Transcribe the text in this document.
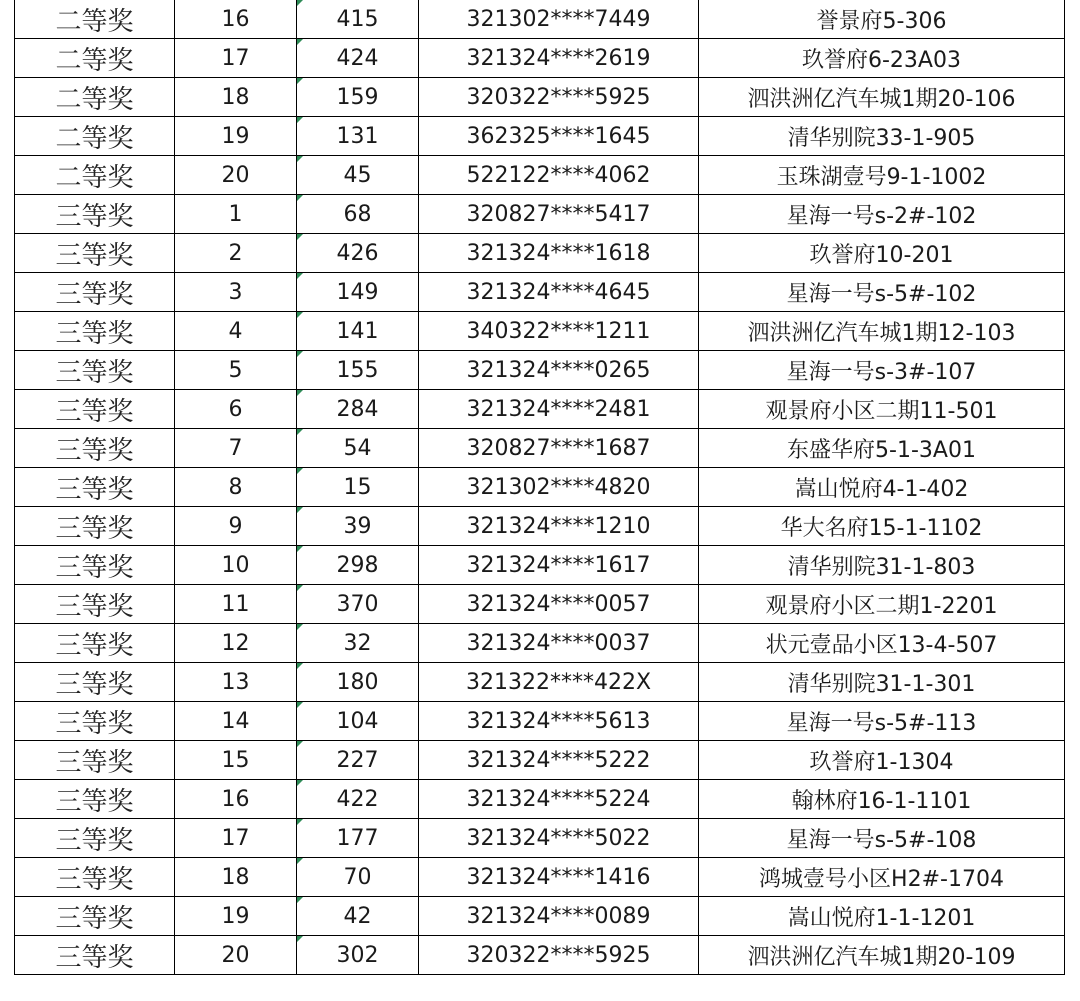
二等奖	16	415	321302****7449	誉景府5-306
二等奖	17	424	321324****2619	玖誉府6-23A03
二等奖	18	159	320322****5925	泗洪洲亿汽车城1期20-106
二等奖	19	131	362325****1645	清华别院33-1-905
二等奖	20	45	522122****4062	玉珠湖壹号9-1-1002
三等奖	1	68	320827****5417	星海一号s-2#-102
三等奖	2	426	321324****1618	玖誉府10-201
三等奖	3	149	321324****4645	星海一号s-5#-102
三等奖	4	141	340322****1211	泗洪洲亿汽车城1期12-103
三等奖	5	155	321324****0265	星海一号s-3#-107
三等奖	6	284	321324****2481	观景府小区二期11-501
三等奖	7	54	320827****1687	东盛华府5-1-3A01
三等奖	8	15	321302****4820	嵩山悦府4-1-402
三等奖	9	39	321324****1210	华大名府15-1-1102
三等奖	10	298	321324****1617	清华别院31-1-803
三等奖	11	370	321324****0057	观景府小区二期1-2201
三等奖	12	32	321324****0037	状元壹品小区13-4-507
三等奖	13	180	321322****422X	清华别院31-1-301
三等奖	14	104	321324****5613	星海一号s-5#-113
三等奖	15	227	321324****5222	玖誉府1-1304
三等奖	16	422	321324****5224	翰林府16-1-1101
三等奖	17	177	321324****5022	星海一号s-5#-108
三等奖	18	70	321324****1416	鸿城壹号小区H2#-1704
三等奖	19	42	321324****0089	嵩山悦府1-1-1201
三等奖	20	302	320322****5925	泗洪洲亿汽车城1期20-109
